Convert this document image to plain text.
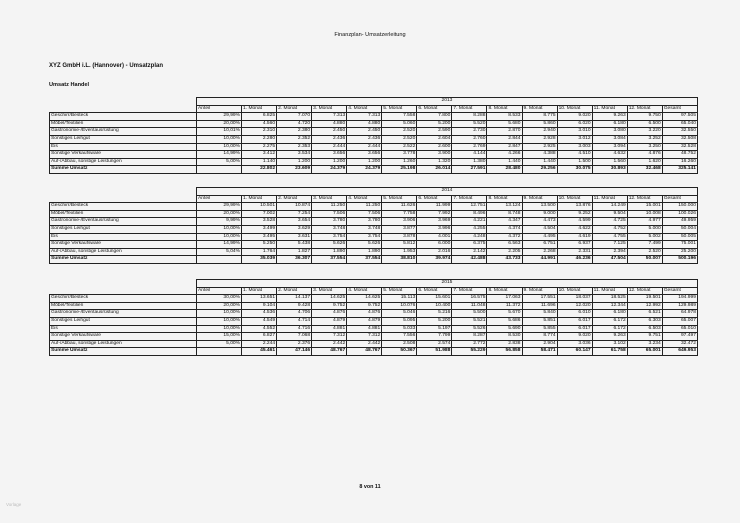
Finanzplan- Umsatzerleitung
XYZ GmbH i.L. (Hannover) - Umsatzplan
Umsatz Handel
	2013													
	Anteil	1. Monat	2. Monat	3. Monat	4. Monat	5. Monat	6. Monat	7. Monat	8. Monat	9. Monat	10. Monat	11. Monat	12. Monat	Gesamt
Geschirr/Besteck	29,99%	6.825	7.070	7.313	7.313	7.558	7.800	8.288	8.533	8.775	9.020	9.263	9.750	97.505
Möbel/Textilien	20,00%	4.560	4.720	4.880	4.880	5.060	5.200	5.520	5.680	5.860	6.020	6.180	6.500	65.040
Gastronomie-/Eventausrüstung	10,01%	2.310	2.380	2.450	2.450	2.520	2.590	2.730	2.870	2.940	3.010	3.080	3.220	32.550
Sonstiges Leihgut	10,00%	2.280	2.352	2.436	2.436	2.520	2.604	2.760	2.844	2.928	3.012	3.084	3.252	32.508
Eis	10,00%	2.275	2.353	2.444	2.444	2.522	2.600	2.769	2.847	2.925	3.003	3.094	3.250	32.528
Sonstige Verkaufsware	14,99%	3.412	3.534	3.656	3.656	3.778	3.900	4.144	4.266	4.388	4.510	4.632	4.876	48.752
Auf-/Abbau, sonstige Leistungen	5,00%	1.140	1.200	1.200	1.200	1.260	1.320	1.380	1.440	1.440	1.500	1.560	1.620	16.260
Summe Umsatz		22.802	23.609	24.379	24.379	25.198	26.014	27.591	28.480	29.256	30.075	30.893	32.468	325.141
	2014													
	Anteil	1. Monat	2. Monat	3. Monat	4. Monat	5. Monat	6. Monat	7. Monat	8. Monat	9. Monat	10. Monat	11. Monat	12. Monat	Gesamt
Geschirr/Besteck	29,99%	10.501	10.874	11.250	11.250	11.626	11.999	12.751	13.124	13.500	13.876	14.249	15.001	150.000
Möbel/Textilien	20,00%	7.002	7.254	7.506	7.506	7.758	7.992	8.496	8.748	9.000	9.252	9.504	10.008	100.026
Gastronomie-/Eventausrüstung	9,99%	3.528	3.654	3.780	3.780	3.906	3.969	4.221	4.347	4.473	4.599	4.725	4.977	49.959
Sonstiges Leihgut	10,00%	3.499	3.629	3.748	3.748	3.877	3.996	4.255	4.374	4.504	4.622	4.752	5.000	50.004
Eis	10,00%	3.495	3.631	3.754	3.754	3.878	4.001	4.248	4.372	4.495	4.619	4.755	5.002	50.005
Sonstige Verkaufsware	14,99%	5.250	5.438	5.626	5.626	5.812	6.000	6.375	6.563	6.751	6.937	7.125	7.499	75.001
Auf-/Abbau, sonstige Leistungen	5,04%	1.764	1.827	1.890	1.890	1.953	2.016	2.142	2.205	2.268	2.331	2.394	2.520	25.200
Summe Umsatz		35.039	36.307	37.554	37.554	38.810	39.974	42.488	43.733	44.991	46.236	47.504	50.007	500.196
	2015													
	Anteil	1. Monat	2. Monat	3. Monat	4. Monat	5. Monat	6. Monat	7. Monat	8. Monat	9. Monat	10. Monat	11. Monat	12. Monat	Gesamt
Geschirr/Besteck	30,00%	13.651	14.137	14.625	14.625	15.113	15.601	16.575	17.063	17.551	18.037	18.525	19.501	194.999
Möbel/Textilien	20,00%	9.104	9.428	9.752	9.752	10.076	10.400	11.048	11.372	11.696	12.020	12.344	12.992	129.989
Gastronomie-/Eventausrüstung	10,00%	4.536	4.706	4.876	4.876	5.046	5.216	5.500	5.670	5.840	6.010	6.180	6.521	64.978
Sonstiges Leihgut	10,00%	4.549	4.714	4.879	4.879	5.095	5.200	5.521	5.686	5.851	6.017	6.172	6.303	65.007
Eis	10,00%	4.552	4.716	4.881	4.881	5.033	5.197	5.526	5.690	5.855	6.017	6.172	6.503	65.010
Sonstige Verkaufsware	15,00%	6.827	7.068	7.312	7.312	7.556	7.799	8.287	8.530	8.774	9.020	9.263	9.751	97.497
Auf-/Abbau, sonstige Leistungen	5,00%	2.244	2.376	2.442	2.442	2.508	2.574	2.772	2.838	2.904	3.036	3.102	3.234	32.472
Summe Umsatz		45.461	47.146	48.767	48.767	50.367	51.988	55.229	56.858	58.471	60.147	61.758	65.001	649.953
8 von 11
Vorlage
